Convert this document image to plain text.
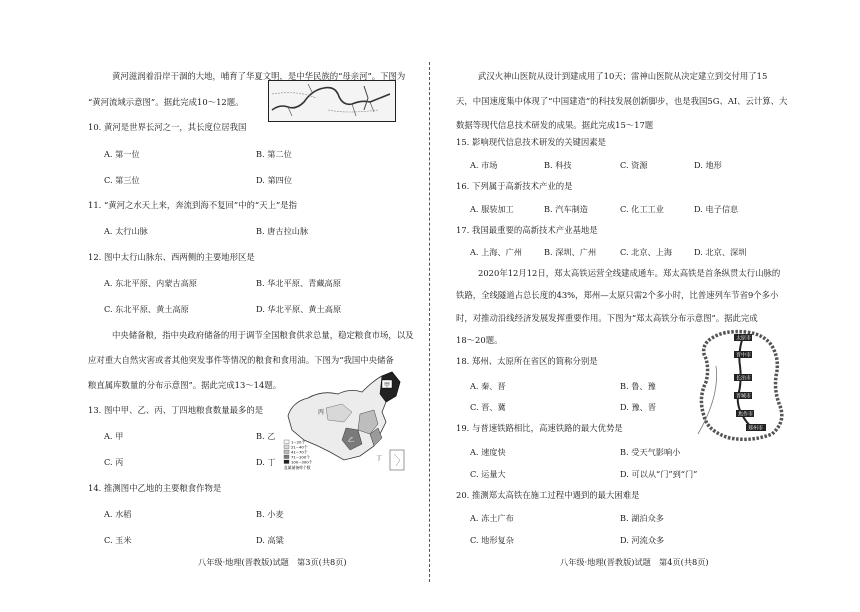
黄河滋润着沿岸干涸的大地，哺育了华夏文明，是中华民族的“母亲河”。下图为
“黄河流域示意图”。据此完成10～12题。
10. 黄河是世界长河之一，其长度位居我国
A. 第一位	B. 第二位
C. 第三位	D. 第四位
11. “黄河之水天上来，奔流到海不复回”中的“天上”是指
A. 太行山脉	B. 唐古拉山脉
12. 图中太行山脉东、西两侧的主要地形区是
A. 东北平原、内蒙古高原	B. 华北平原、青藏高原
C. 东北平原、黄土高原	D. 华北平原、黄土高原
中央储备粮，指中央政府储备的用于调节全国粮食供求总量，稳定粮食市场，以及
应对重大自然灾害或者其他突发事件等情况的粮食和食用油。下图为“我国中央储备
粮直属库数量的分布示意图”。据此完成13～14题。	甲
丙
乙
丁
1~20个
21~40个
41~70个
71~100个
100~300个
直属储备库个数
13. 图中甲、乙、丙、丁四地粮食数量最多的是
A. 甲	B. 乙
C. 丙	D. 丁
14. 推测图中乙地的主要粮食作物是
A. 水稻	B. 小麦
C. 玉米	D. 高粱
八年级·地理(晋教版)试题　第3页(共8页)
武汉火神山医院从设计到建成用了10天；雷神山医院从决定建立到交付用了15
天，中国速度集中体现了“中国建造”的科技发展创新脚步，也是我国5G、AI、云计算、大
数据等现代信息技术研发的成果。据此完成15～17题
15. 影响现代信息技术研发的关键因素是
A. 市场	B. 科技	C. 资源	D. 地形
16. 下列属于高新技术产业的是
A. 服装加工	B. 汽车制造	C. 化工工业	D. 电子信息
17. 我国最重要的高新技术产业基地是
A. 上海、广州	B. 深圳、广州	C. 北京、上海	D. 北京、深圳
2020年12月12日，郑太高铁运营全线建成通车。郑太高铁是首条纵贯太行山脉的
铁路，全线隧道占总长度的43%，郑州—太原只需2个多小时，比普速列车节省9个多小
时，对推动沿线经济发展发挥重要作用。下图为“郑太高铁分布示意图”。据此完成
18～20题。	太原市
晋中市
长治市
晋城市
焦作市
郑州市
18. 郑州、太原所在省区的简称分别是
A. 秦、晋	B. 鲁、豫
C. 晋、冀	D. 豫、晋
19. 与普速铁路相比，高速铁路的最大优势是
A. 速度快	B. 受天气影响小
C. 运量大	D. 可以从“门”到“门”
20. 推测郑太高铁在施工过程中遇到的最大困难是
A. 冻土广布	B. 湖泊众多
C. 地形复杂	D. 河流众多
八年级·地理(晋教版)试题　第4页(共8页)
